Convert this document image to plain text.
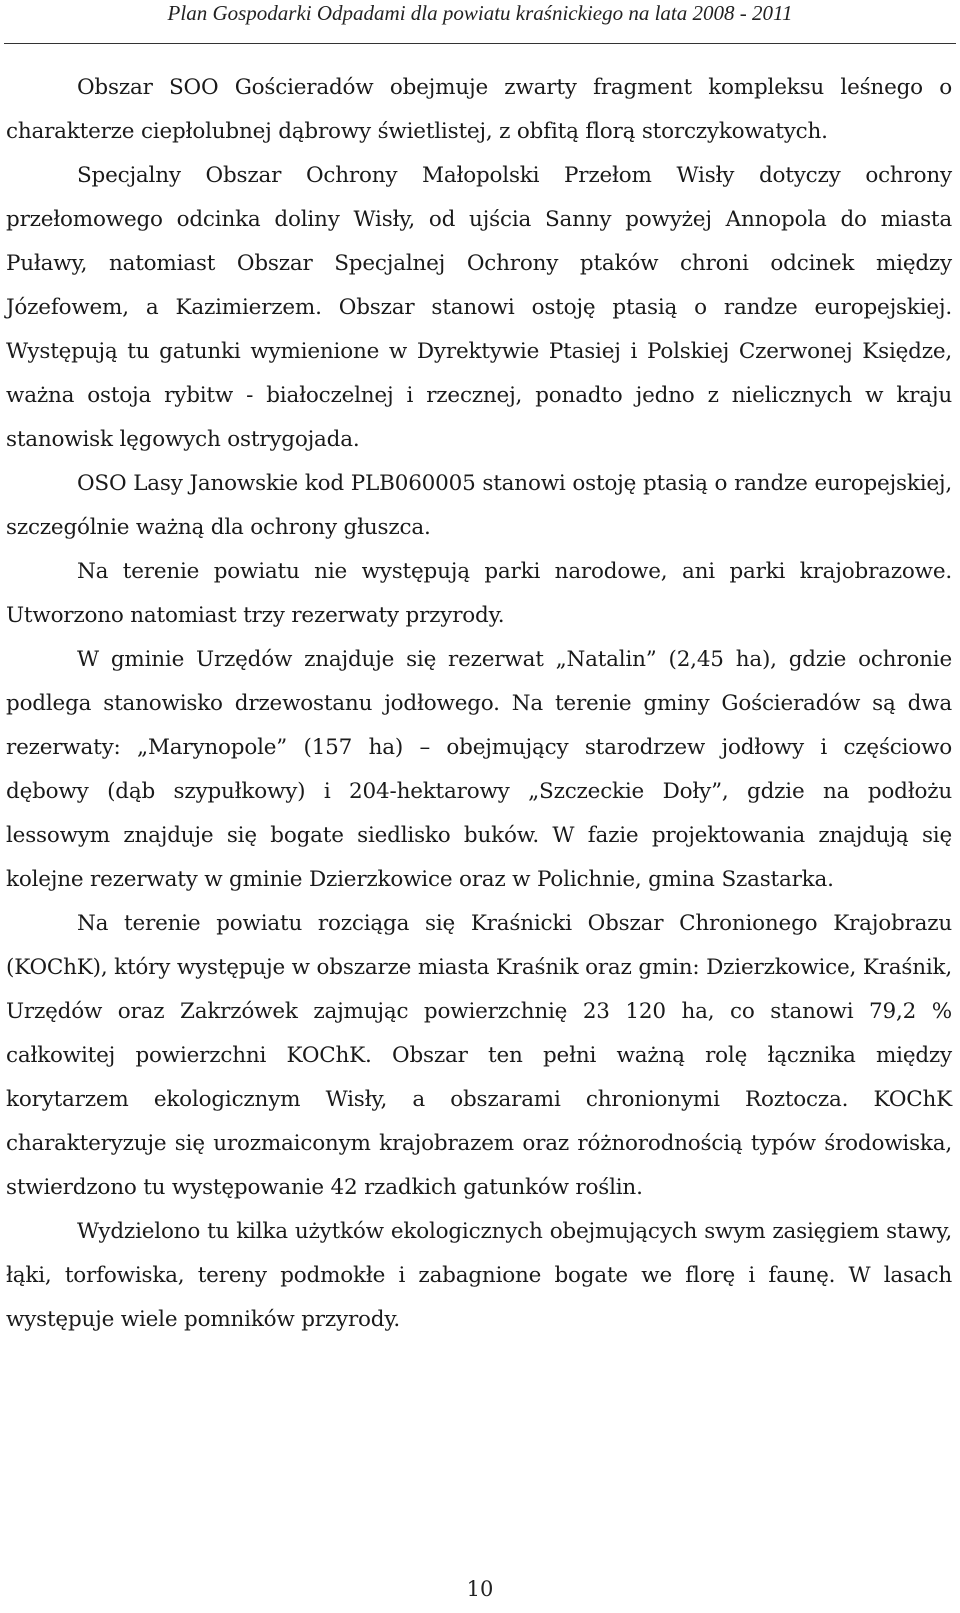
Plan Gospodarki Odpadami dla powiatu kraśnickiego na lata 2008 - 2011

Obszar SOO Gościeradów obejmuje zwarty fragment kompleksu leśnego o charakterze ciepłolubnej dąbrowy świetlistej, z obfitą florą storczykowatych.

Specjalny Obszar Ochrony Małopolski Przełom Wisły dotyczy ochrony przełomowego odcinka doliny Wisły, od ujścia Sanny powyżej Annopola do miasta Puławy, natomiast Obszar Specjalnej Ochrony ptaków chroni odcinek między Józefowem, a Kazimierzem. Obszar stanowi ostoję ptasią o randze europejskiej. Występują tu gatunki wymienione w Dyrektywie Ptasiej i Polskiej Czerwonej Księdze, ważna ostoja rybitw - białoczelnej i rzecznej, ponadto jedno z nielicznych w kraju stanowisk lęgowych ostrygojada.

OSO Lasy Janowskie kod PLB060005 stanowi ostoję ptasią o randze europejskiej, szczególnie ważną dla ochrony głuszca.

Na terenie powiatu nie występują parki narodowe, ani parki krajobrazowe. Utworzono natomiast trzy rezerwaty przyrody.

W gminie Urzędów znajduje się rezerwat „Natalin” (2,45 ha), gdzie ochronie podlega stanowisko drzewostanu jodłowego. Na terenie gminy Gościeradów są dwa rezerwaty: „Marynopole” (157 ha) – obejmujący starodrzew jodłowy i częściowo dębowy (dąb szypułkowy) i 204-hektarowy „Szczeckie Doły”, gdzie na podłożu lessowym znajduje się bogate siedlisko buków. W fazie projektowania znajdują się kolejne rezerwaty w gminie Dzierzkowice oraz w Polichnie, gmina Szastarka.

Na terenie powiatu rozciąga się Kraśnicki Obszar Chronionego Krajobrazu (KOChK), który występuje w obszarze miasta Kraśnik oraz gmin: Dzierzkowice, Kraśnik, Urzędów oraz Zakrzówek zajmując powierzchnię 23 120 ha, co stanowi 79,2 % całkowitej powierzchni KOChK. Obszar ten pełni ważną rolę łącznika między korytarzem ekologicznym Wisły, a obszarami chronionymi Roztocza. KOChK charakteryzuje się urozmaiconym krajobrazem oraz różnorodnością typów środowiska, stwierdzono tu występowanie 42 rzadkich gatunków roślin.

Wydzielono tu kilka użytków ekologicznych obejmujących swym zasięgiem stawy, łąki, torfowiska, tereny podmokłe i zabagnione bogate we florę i faunę. W lasach występuje wiele pomników przyrody.

10
